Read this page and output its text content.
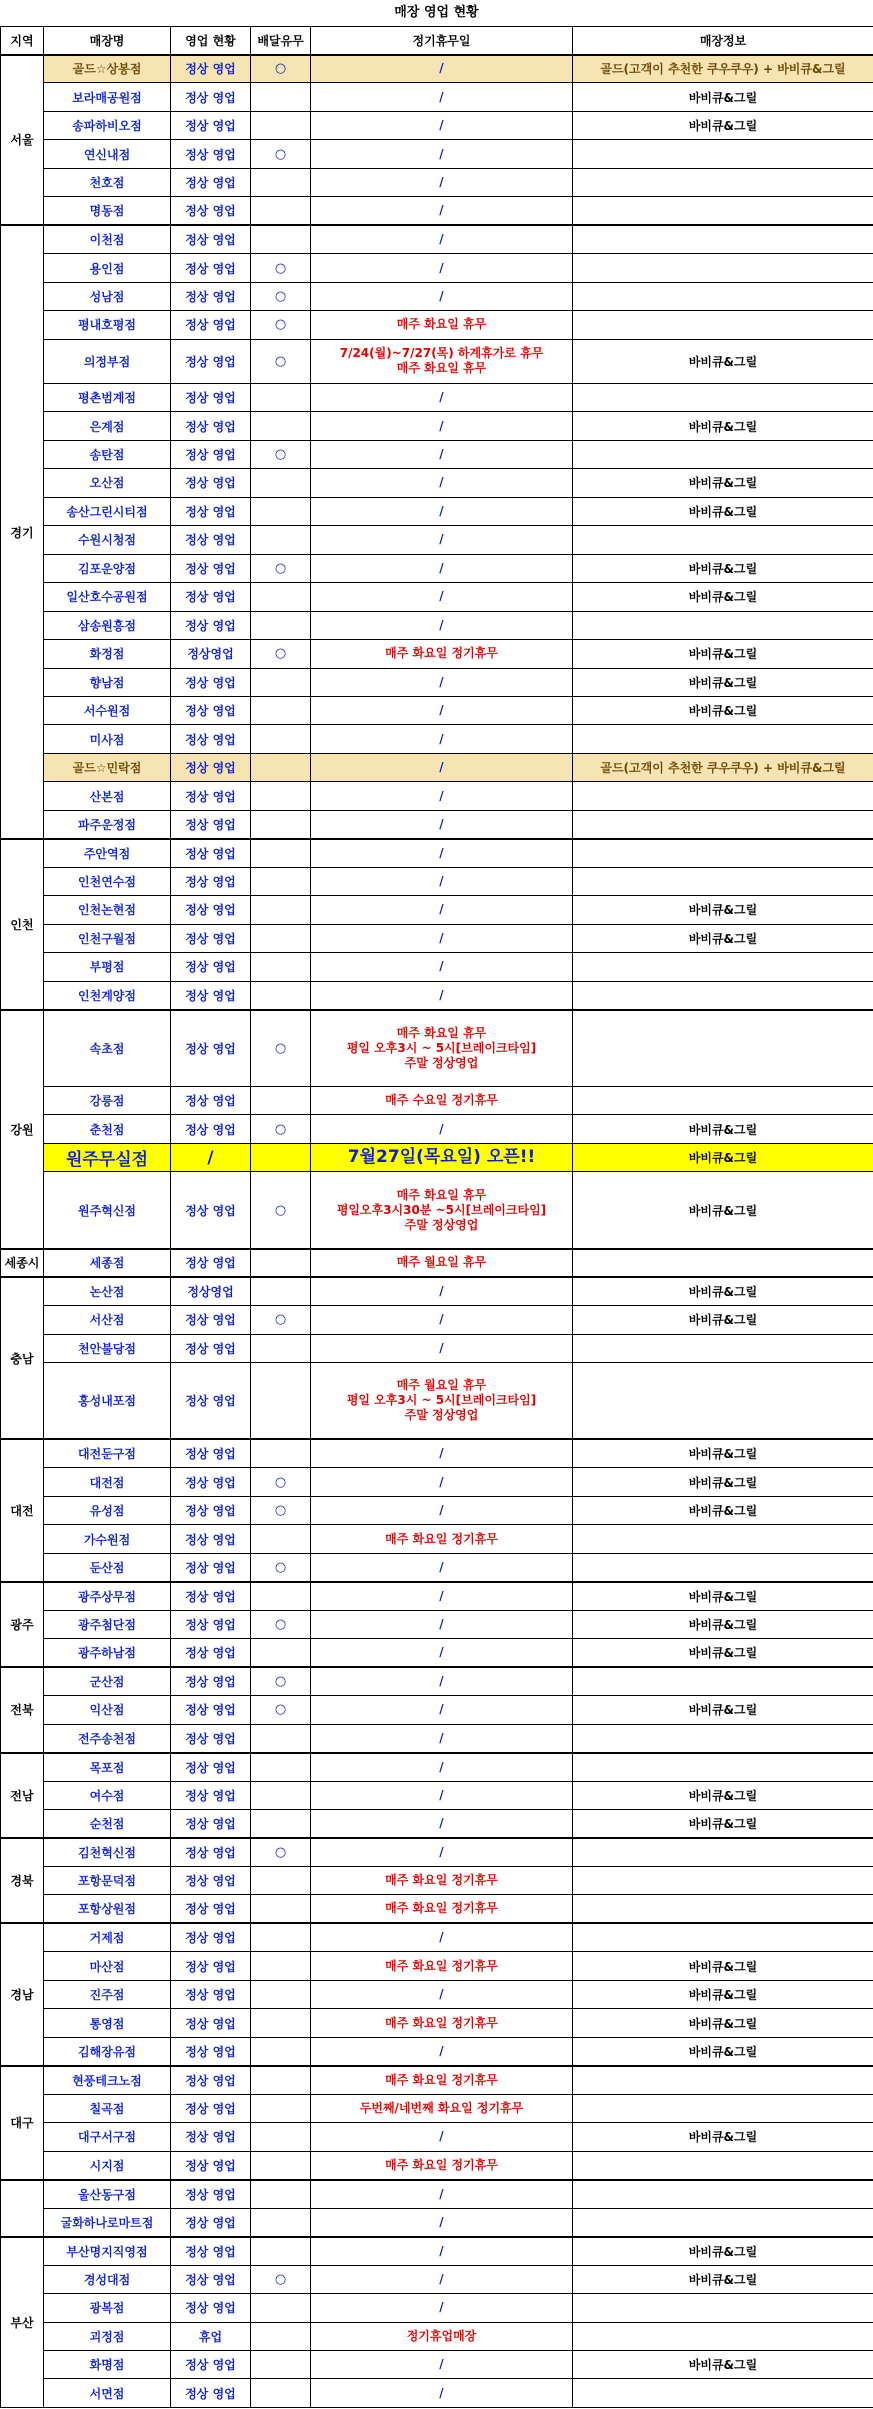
매장 영업 현황
지역	매장명	영업 현황	배달유무	정기휴무일	매장정보
서울	골드☆상봉점	정상 영업	○	/	골드(고객이 추천한 쿠우쿠우) + 바비큐&그릴
	보라매공원점	정상 영업		/	바비큐&그릴
	송파하비오점	정상 영업		/	바비큐&그릴
	연신내점	정상 영업	○	/	

	천호점	정상 영업		/	

	명동점	정상 영업		/	

경기	이천점	정상 영업		/	

	용인점	정상 영업	○	/	

	성남점	정상 영업	○	/	

	평내호평점	정상 영업	○	매주 화요일 휴무	

	의정부점	정상 영업	○	7/24(월)~7/27(목) 하계휴가로 휴무
매주 화요일 휴무	바비큐&그릴
	평촌범계점	정상 영업		/	

	은계점	정상 영업		/	바비큐&그릴
	송탄점	정상 영업	○	/	

	오산점	정상 영업		/	바비큐&그릴
	송산그린시티점	정상 영업		/	바비큐&그릴
	수원시청점	정상 영업		/	

	김포운양점	정상 영업	○	/	바비큐&그릴
	일산호수공원점	정상 영업		/	바비큐&그릴
	삼송원흥점	정상 영업		/	

	화정점	정상영업	○	매주 화요일 정기휴무	바비큐&그릴
	향남점	정상 영업		/	바비큐&그릴
	서수원점	정상 영업		/	바비큐&그릴
	미사점	정상 영업		/	

	골드☆민락점	정상 영업		/	골드(고객이 추천한 쿠우쿠우) + 바비큐&그릴
	산본점	정상 영업		/	

	파주운정점	정상 영업		/	

인천	주안역점	정상 영업		/	

	인천연수점	정상 영업		/	

	인천논현점	정상 영업		/	바비큐&그릴
	인천구월점	정상 영업		/	바비큐&그릴
	부평점	정상 영업		/	

	인천계양점	정상 영업		/	

강원	속초점	정상 영업	○	매주 화요일 휴무
평일 오후3시 ~ 5시[브레이크타임]
주말 정상영업	

	강릉점	정상 영업		매주 수요일 정기휴무	

	춘천점	정상 영업	○	/	바비큐&그릴
	원주무실점	/		7월27일(목요일) 오픈!!	바비큐&그릴
	원주혁신점	정상 영업	○	매주 화요일 휴무
평일오후3시30분 ~5시[브레이크타임]
주말 정상영업	바비큐&그릴
세종시	세종점	정상 영업		매주 월요일 휴무	

충남	논산점	정상영업		/	바비큐&그릴
	서산점	정상 영업	○	/	바비큐&그릴
	천안불당점	정상 영업		/	

	홍성내포점	정상 영업		매주 월요일 휴무
평일 오후3시 ~ 5시[브레이크타임]
주말 정상영업	

대전	대전둔구점	정상 영업		/	바비큐&그릴
	대전점	정상 영업	○	/	바비큐&그릴
	유성점	정상 영업	○	/	바비큐&그릴
	가수원점	정상 영업		매주 화요일 정기휴무	

	둔산점	정상 영업	○	/	

광주	광주상무점	정상 영업		/	바비큐&그릴
	광주첨단점	정상 영업	○	/	바비큐&그릴
	광주하남점	정상 영업		/	바비큐&그릴
전북	군산점	정상 영업	○	/	

	익산점	정상 영업	○	/	바비큐&그릴
	전주송천점	정상 영업		/	

전남	목포점	정상 영업		/	

	여수점	정상 영업		/	바비큐&그릴
	순천점	정상 영업		/	바비큐&그릴
경북	김천혁신점	정상 영업	○	/	

	포항문덕점	정상 영업		매주 화요일 정기휴무	

	포항상원점	정상 영업		매주 화요일 정기휴무	

경남	거제점	정상 영업		/	

	마산점	정상 영업		매주 화요일 정기휴무	바비큐&그릴
	진주점	정상 영업		/	바비큐&그릴
	통영점	정상 영업		매주 화요일 정기휴무	바비큐&그릴
	김해장유점	정상 영업		/	바비큐&그릴
대구	현풍테크노점	정상 영업		매주 화요일 정기휴무	

	칠곡점	정상 영업		두번째/네번째 화요일 정기휴무	

	대구서구점	정상 영업		/	바비큐&그릴
	시지점	정상 영업		매주 화요일 정기휴무	

	울산동구점	정상 영업		/	

	굴화하나로마트점	정상 영업		/	

부산	부산명지직영점	정상 영업		/	바비큐&그릴
	경성대점	정상 영업	○	/	바비큐&그릴
	광복점	정상 영업		/	

	괴정점	휴업		정기휴업매장	

	화명점	정상 영업		/	바비큐&그릴
	서면점	정상 영업		/	
